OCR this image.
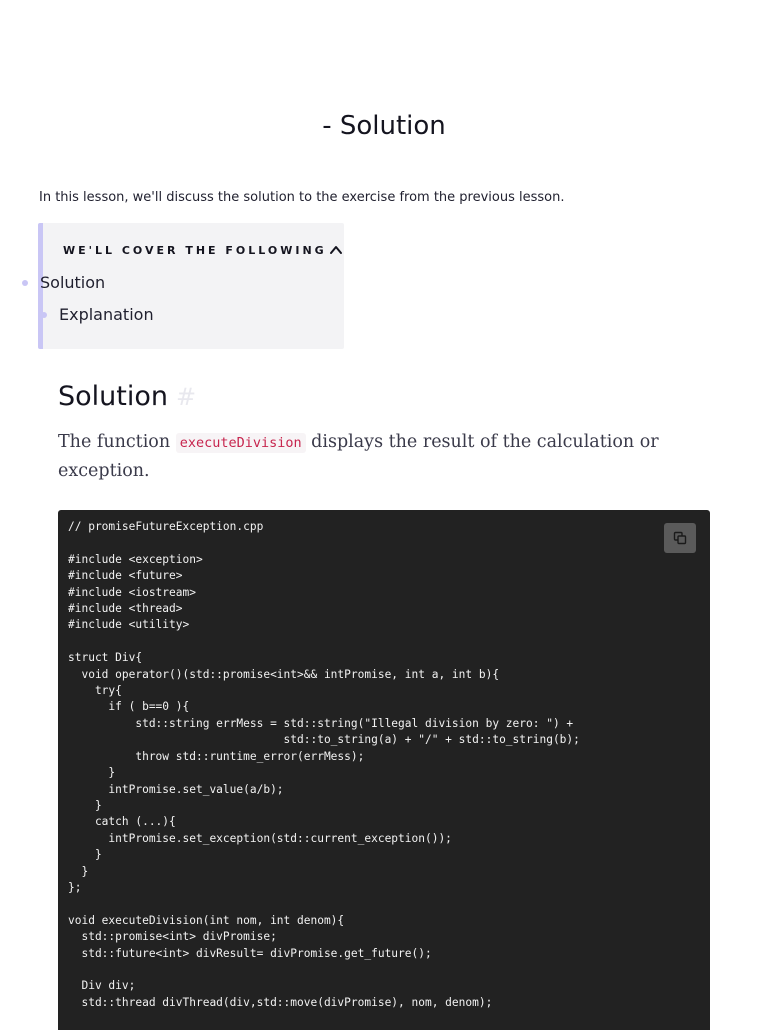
- Solution

In this lesson, we'll discuss the solution to the exercise from the previous lesson.

WE'LL COVER THE FOLLOWING
Solution
Explanation
Solution #

The function executeDivision displays the result of the calculation or exception.

// promiseFutureException.cpp

#include <exception>
#include <future>
#include <iostream>
#include <thread>
#include <utility>

struct Div{
void operator()(std::promise<int>&& intPromise, int a, int b){
try{
if ( b==0 ){
std::string errMess = std::string("Illegal division by zero: ") +
std::to_string(a) + "/" + std::to_string(b);
throw std::runtime_error(errMess);
}
intPromise.set_value(a/b);
}
catch (...){
intPromise.set_exception(std::current_exception());
}
}
};

void executeDivision(int nom, int denom){
std::promise<int> divPromise;
std::future<int> divResult= divPromise.get_future();

Div div;
std::thread divThread(div,std::move(divPromise), nom, denom);
